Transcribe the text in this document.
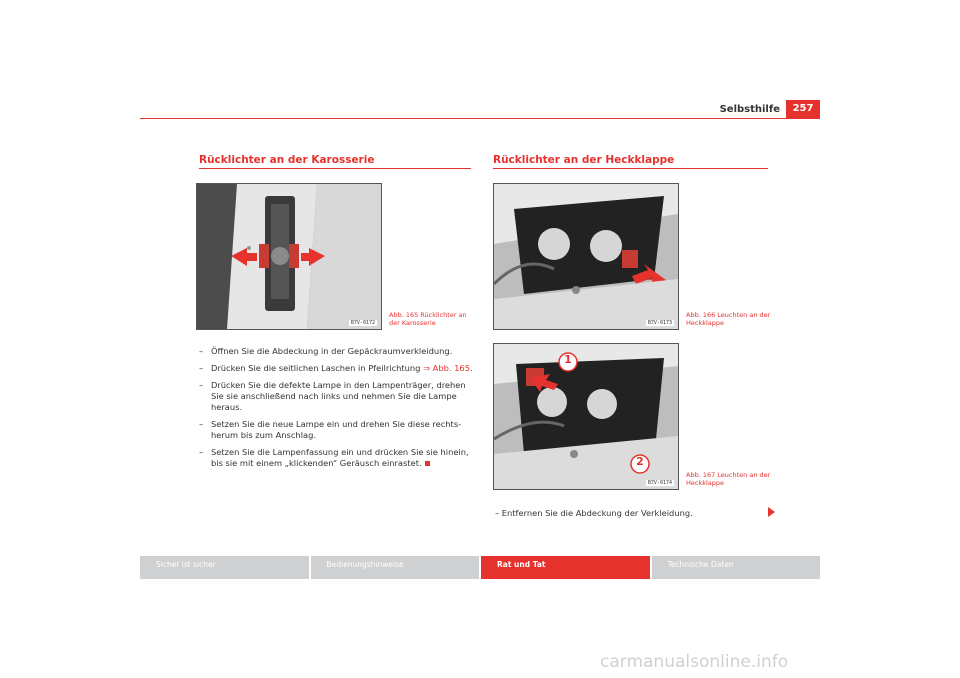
Selbsthilfe	257
Rücklichter an der Karosserie
B7V-0172
Abb. 165 Rücklichter an der Karosserie
– Öffnen Sie die Abdeckung in der Gepäckraumverkleidung.
– Drücken Sie die seitlichen Laschen in Pfeilrichtung ⇒ Abb. 165.
– Drücken Sie die defekte Lampe in den Lampenträger, drehen Sie sie anschließend nach links und nehmen Sie die Lampe heraus.
– Setzen Sie die neue Lampe ein und drehen Sie diese rechts-herum bis zum Anschlag.
– Setzen Sie die Lampenfassung ein und drücken Sie sie hinein, bis sie mit einem „klickenden“ Geräusch einrastet.
Rücklichter an der Heckklappe
B7V-0173
Abb. 166 Leuchten an der Heckklappe
1
2
B7V-0174
Abb. 167 Leuchten an der Heckklappe
– Entfernen Sie die Abdeckung der Verkleidung.
Sicher ist sicher	Bedienungshinweise	Rat und Tat	Technische Daten
carmanualsonline.info
